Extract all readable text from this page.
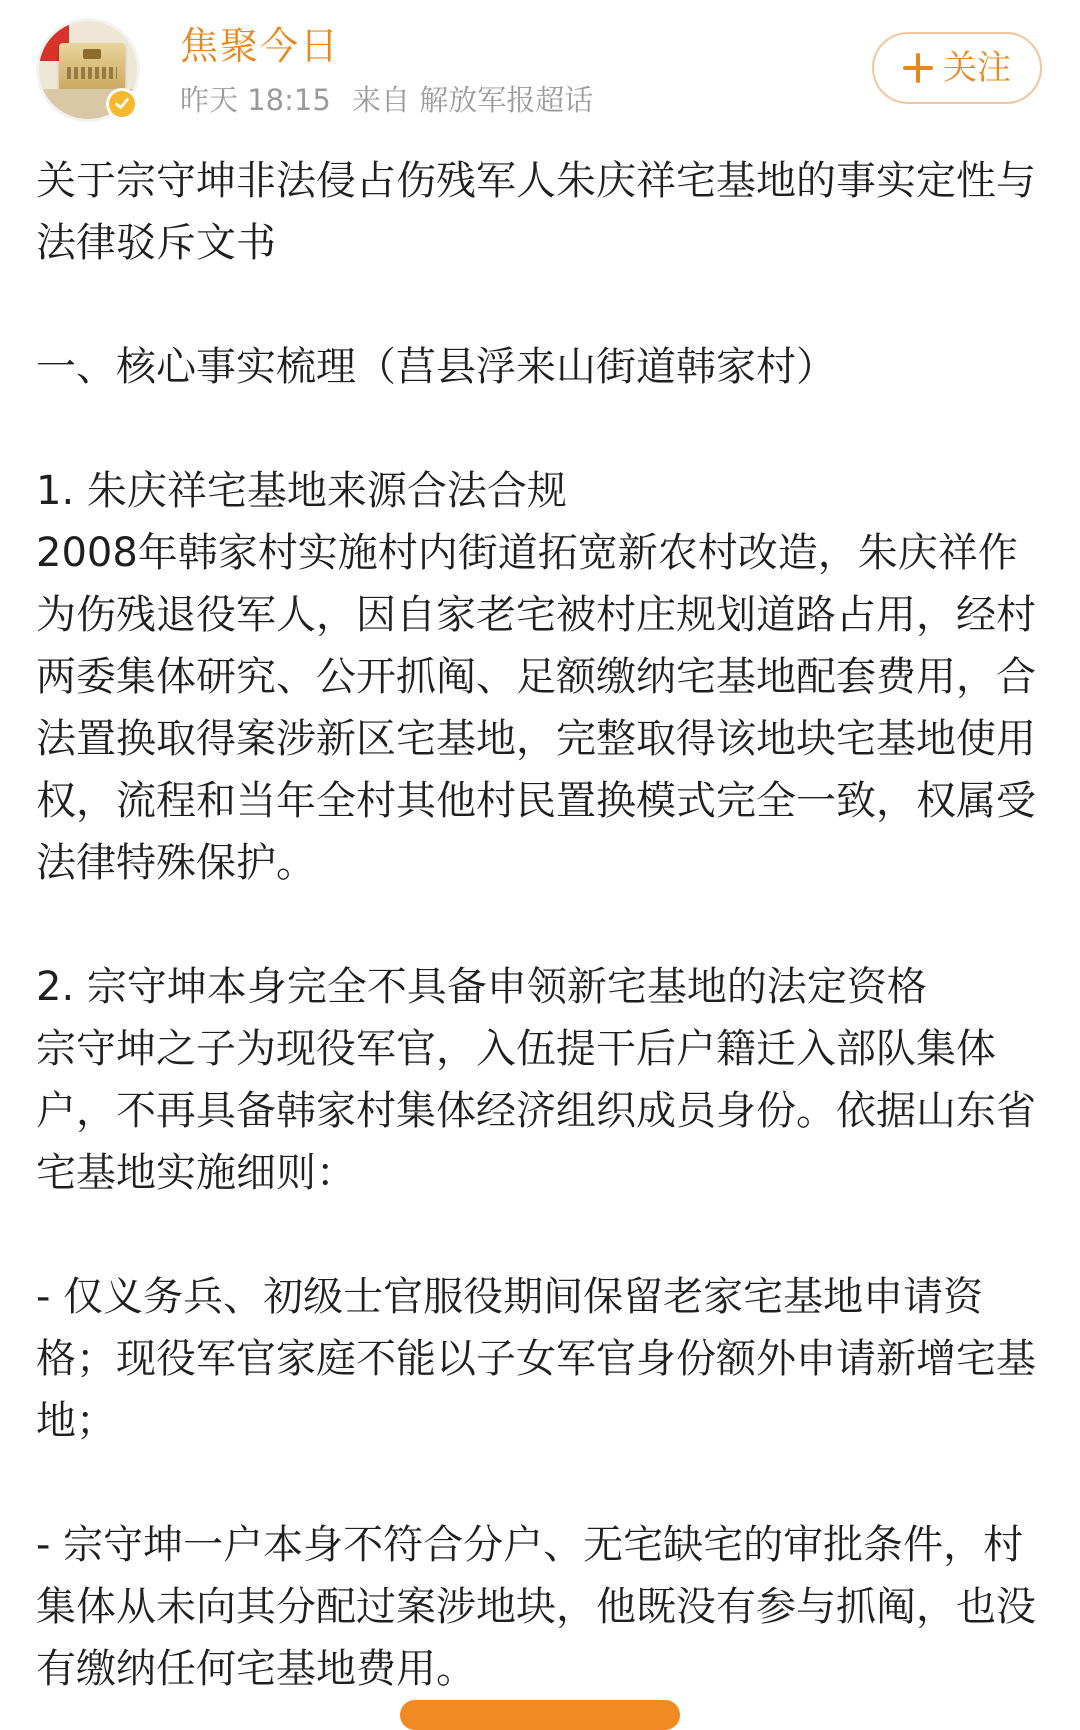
焦聚今日
昨天 18:15 来自 解放军报超话
关注

关于宗守坤非法侵占伤残军人朱庆祥宅基地的事实定性与法律驳斥文书

一、核心事实梳理（莒县浮来山街道韩家村）

1. 朱庆祥宅基地来源合法合规
2008年韩家村实施村内街道拓宽新农村改造，朱庆祥作为伤残退役军人，因自家老宅被村庄规划道路占用，经村两委集体研究、公开抓阄、足额缴纳宅基地配套费用，合法置换取得案涉新区宅基地，完整取得该地块宅基地使用权，流程和当年全村其他村民置换模式完全一致，权属受法律特殊保护。

2. 宗守坤本身完全不具备申领新宅基地的法定资格
宗守坤之子为现役军官，入伍提干后户籍迁入部队集体户，不再具备韩家村集体经济组织成员身份。依据山东省宅基地实施细则：

- 仅义务兵、初级士官服役期间保留老家宅基地申请资格；现役军官家庭不能以子女军官身份额外申请新增宅基地；

- 宗守坤一户本身不符合分户、无宅缺宅的审批条件，村集体从未向其分配过案涉地块，他既没有参与抓阄，也没有缴纳任何宅基地费用。
